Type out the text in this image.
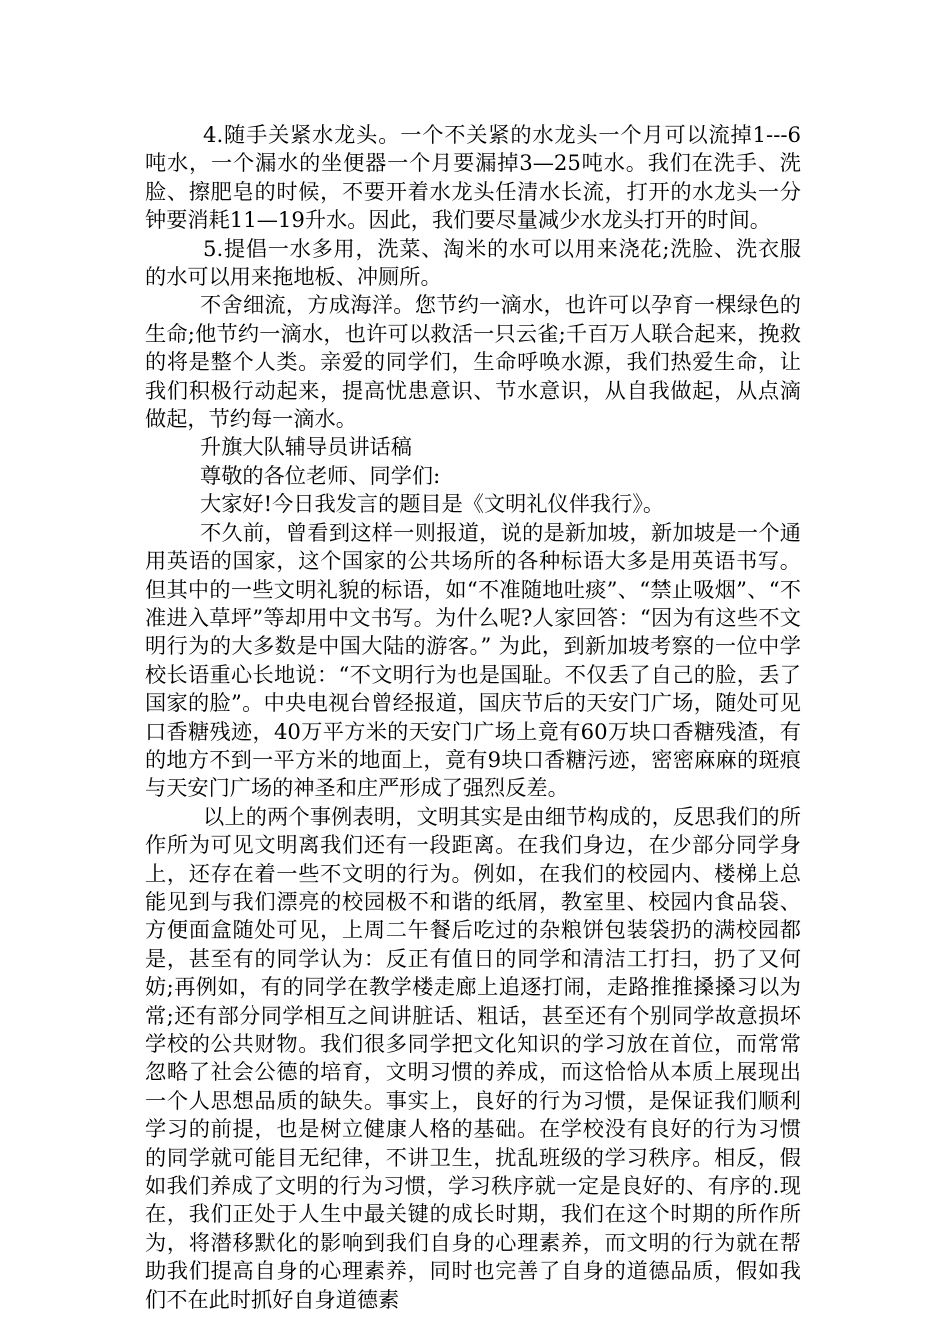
4.随手关紧水龙头。一个不关紧的水龙头一个月可以流掉1---6吨水，一个漏水的坐便器一个月要漏掉3—25吨水。我们在洗手、洗脸、擦肥皂的时候，不要开着水龙头任清水长流，打开的水龙头一分钟要消耗11—19升水。因此，我们要尽量减少水龙头打开的时间。

5.提倡一水多用，洗菜、淘米的水可以用来浇花;洗脸、洗衣服的水可以用来拖地板、冲厕所。

不舍细流，方成海洋。您节约一滴水，也许可以孕育一棵绿色的生命;他节约一滴水，也许可以救活一只云雀;千百万人联合起来，挽救的将是整个人类。亲爱的同学们，生命呼唤水源，我们热爱生命，让我们积极行动起来，提高忧患意识、节水意识，从自我做起，从点滴做起，节约每一滴水。

升旗大队辅导员讲话稿

尊敬的各位老师、同学们:

大家好!今日我发言的题目是《文明礼仪伴我行》。

不久前，曾看到这样一则报道，说的是新加坡，新加坡是一个通用英语的国家，这个国家的公共场所的各种标语大多是用英语书写。但其中的一些文明礼貌的标语，如“不准随地吐痰”、“禁止吸烟”、“不准进入草坪”等却用中文书写。为什么呢?人家回答：“因为有这些不文明行为的大多数是中国大陆的游客。” 为此，到新加坡考察的一位中学校长语重心长地说：“不文明行为也是国耻。不仅丢了自己的脸，丢了国家的脸”。中央电视台曾经报道，国庆节后的天安门广场，随处可见口香糖残迹，40万平方米的天安门广场上竟有60万块口香糖残渣，有的地方不到一平方米的地面上，竟有9块口香糖污迹，密密麻麻的斑痕与天安门广场的神圣和庄严形成了强烈反差。

以上的两个事例表明，文明其实是由细节构成的，反思我们的所作所为可见文明离我们还有一段距离。在我们身边，在少部分同学身上，还存在着一些不文明的行为。例如，在我们的校园内、楼梯上总能见到与我们漂亮的校园极不和谐的纸屑，教室里、校园内食品袋、方便面盒随处可见，上周二午餐后吃过的杂粮饼包装袋扔的满校园都是，甚至有的同学认为：反正有值日的同学和清洁工打扫，扔了又何妨;再例如，有的同学在教学楼走廊上追逐打闹，走路推推搡搡习以为常;还有部分同学相互之间讲脏话、粗话，甚至还有个别同学故意损坏学校的公共财物。我们很多同学把文化知识的学习放在首位，而常常忽略了社会公德的培育，文明习惯的养成，而这恰恰从本质上展现出一个人思想品质的缺失。事实上，良好的行为习惯，是保证我们顺利学习的前提，也是树立健康人格的基础。在学校没有良好的行为习惯的同学就可能目无纪律，不讲卫生，扰乱班级的学习秩序。相反，假如我们养成了文明的行为习惯，学习秩序就一定是良好的、有序的.现在，我们正处于人生中最关键的成长时期，我们在这个时期的所作所为，将潜移默化的影响到我们自身的心理素养，而文明的行为就在帮助我们提高自身的心理素养，同时也完善了自身的道德品质，假如我们不在此时抓好自身道德素
